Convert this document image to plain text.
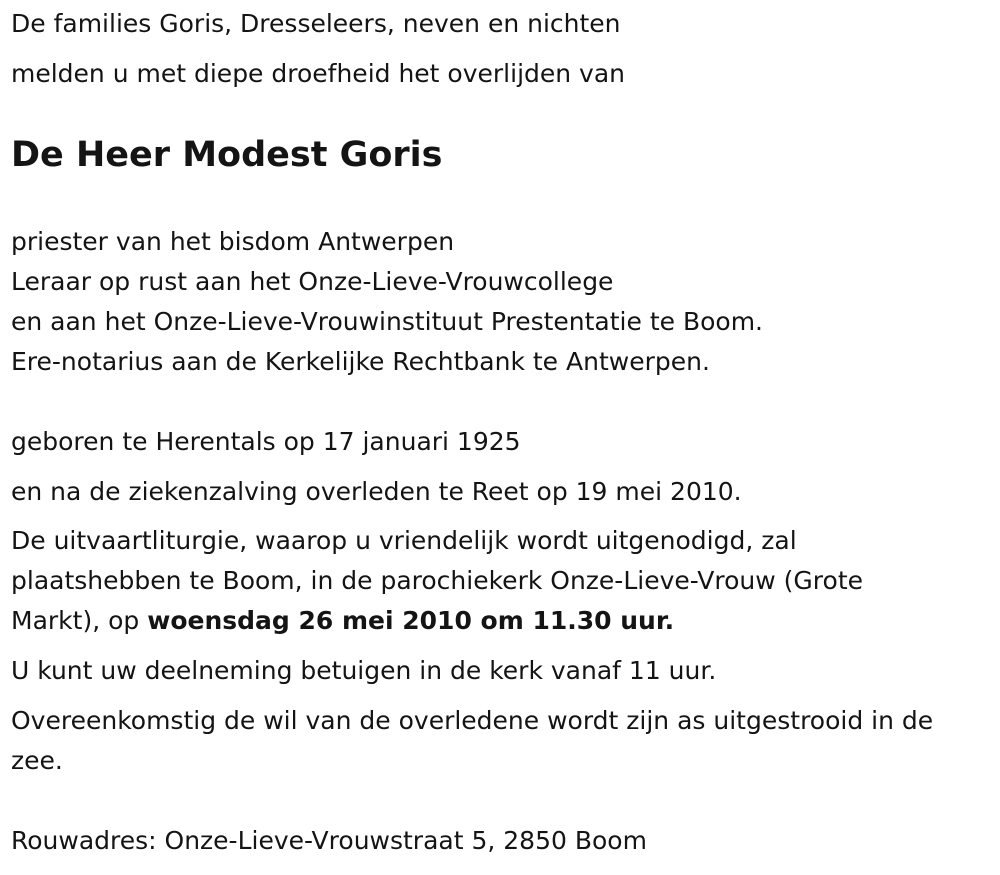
De families Goris, Dresseleers, neven en nichten
melden u met diepe droefheid het overlijden van
De Heer Modest Goris
priester van het bisdom Antwerpen
Leraar op rust aan het Onze-Lieve-Vrouwcollege
en aan het Onze-Lieve-Vrouwinstituut Prestentatie te Boom.
Ere-notarius aan de Kerkelijke Rechtbank te Antwerpen.
geboren te Herentals op 17 januari 1925
en na de ziekenzalving overleden te Reet op 19 mei 2010.
De uitvaartliturgie, waarop u vriendelijk wordt uitgenodigd, zal
plaatshebben te Boom, in de parochiekerk Onze-Lieve-Vrouw (Grote
Markt), op woensdag 26 mei 2010 om 11.30 uur.
U kunt uw deelneming betuigen in de kerk vanaf 11 uur.
Overeenkomstig de wil van de overledene wordt zijn as uitgestrooid in de
zee.
Rouwadres: Onze-Lieve-Vrouwstraat 5, 2850 Boom
